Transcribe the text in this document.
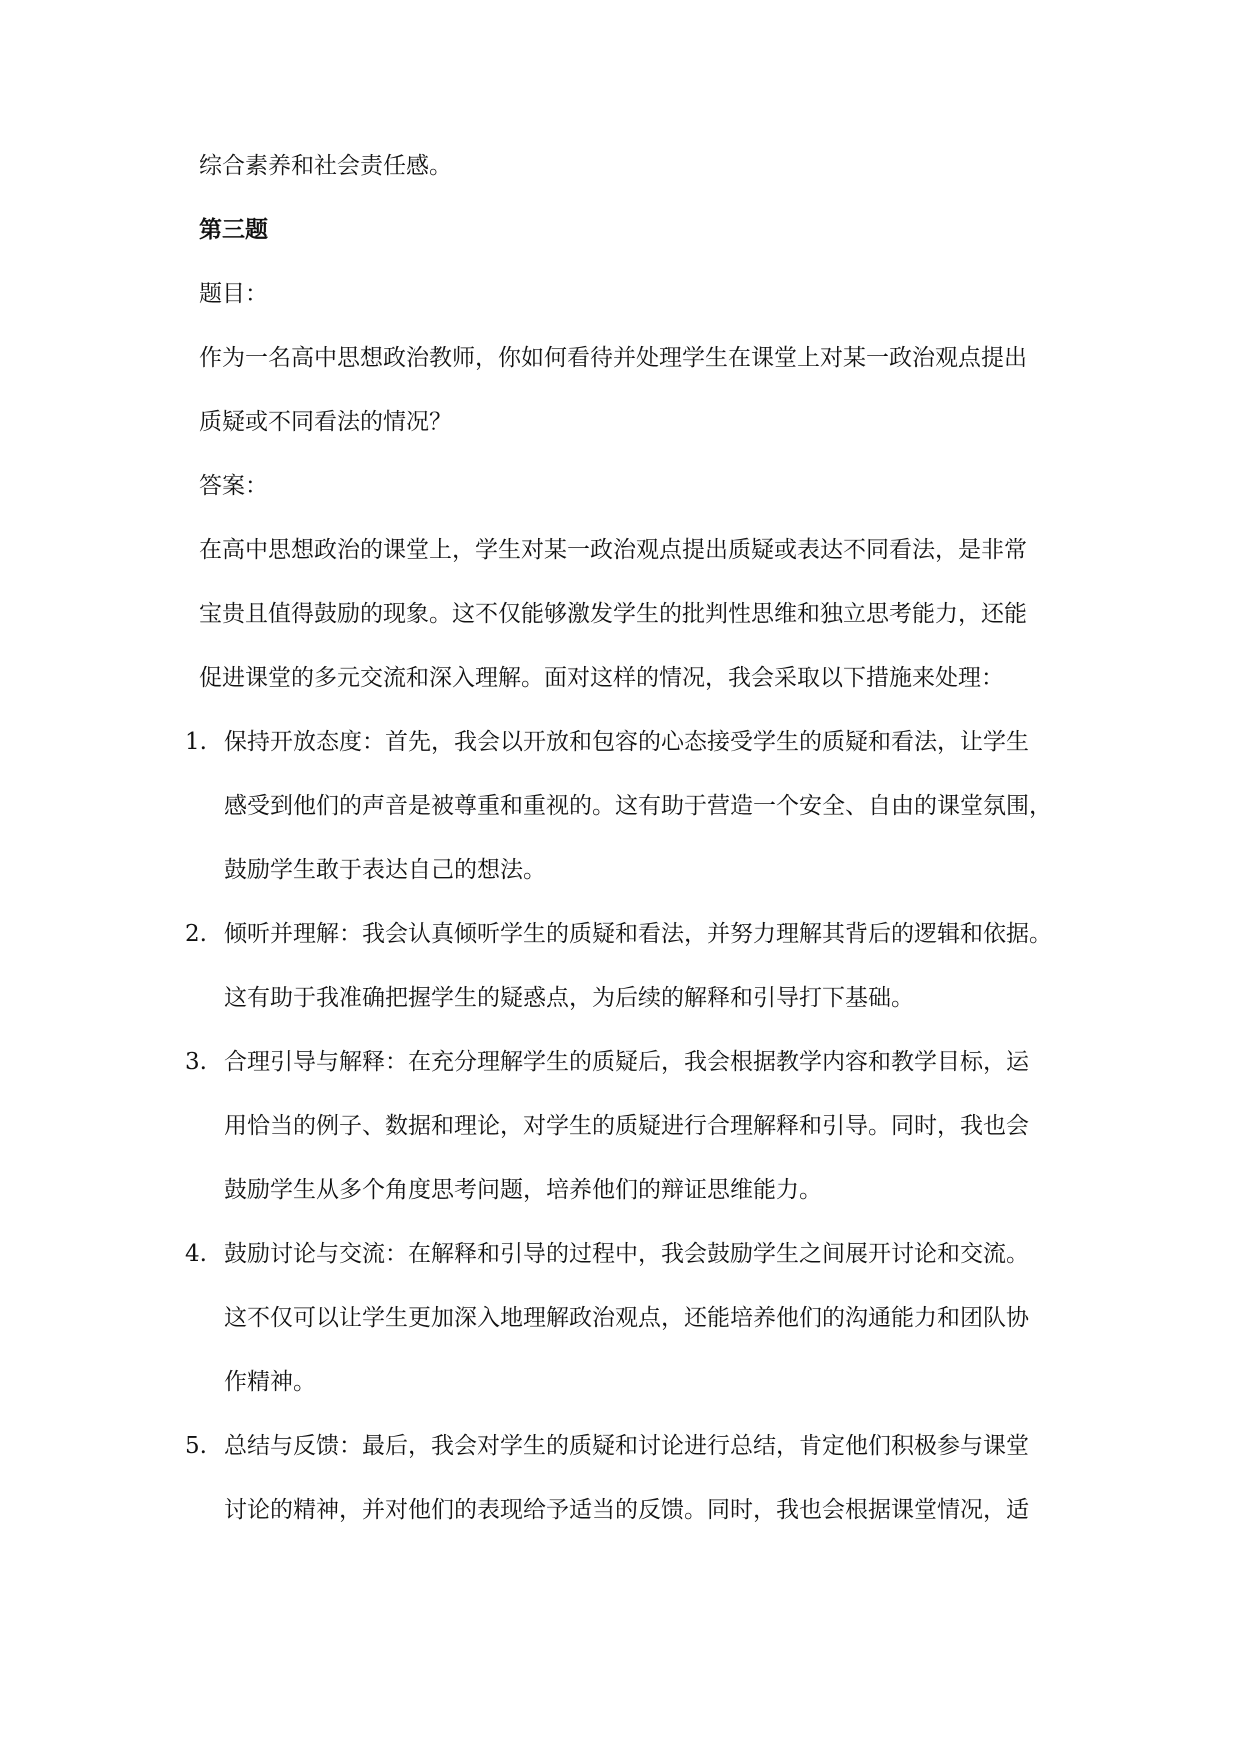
综合素养和社会责任感。

第三题

题目：

作为一名高中思想政治教师，你如何看待并处理学生在课堂上对某一政治观点提出
质疑或不同看法的情况？

答案：

在高中思想政治的课堂上，学生对某一政治观点提出质疑或表达不同看法，是非常
宝贵且值得鼓励的现象。这不仅能够激发学生的批判性思维和独立思考能力，还能
促进课堂的多元交流和深入理解。面对这样的情况，我会采取以下措施来处理：

1. 保持开放态度：首先，我会以开放和包容的心态接受学生的质疑和看法，让学生
感受到他们的声音是被尊重和重视的。这有助于营造一个安全、自由的课堂氛围，
鼓励学生敢于表达自己的想法。
2. 倾听并理解：我会认真倾听学生的质疑和看法，并努力理解其背后的逻辑和依据。
这有助于我准确把握学生的疑惑点，为后续的解释和引导打下基础。
3. 合理引导与解释：在充分理解学生的质疑后，我会根据教学内容和教学目标，运
用恰当的例子、数据和理论，对学生的质疑进行合理解释和引导。同时，我也会
鼓励学生从多个角度思考问题，培养他们的辩证思维能力。
4. 鼓励讨论与交流：在解释和引导的过程中，我会鼓励学生之间展开讨论和交流。
这不仅可以让学生更加深入地理解政治观点，还能培养他们的沟通能力和团队协
作精神。
5. 总结与反馈：最后，我会对学生的质疑和讨论进行总结，肯定他们积极参与课堂
讨论的精神，并对他们的表现给予适当的反馈。同时，我也会根据课堂情况，适
